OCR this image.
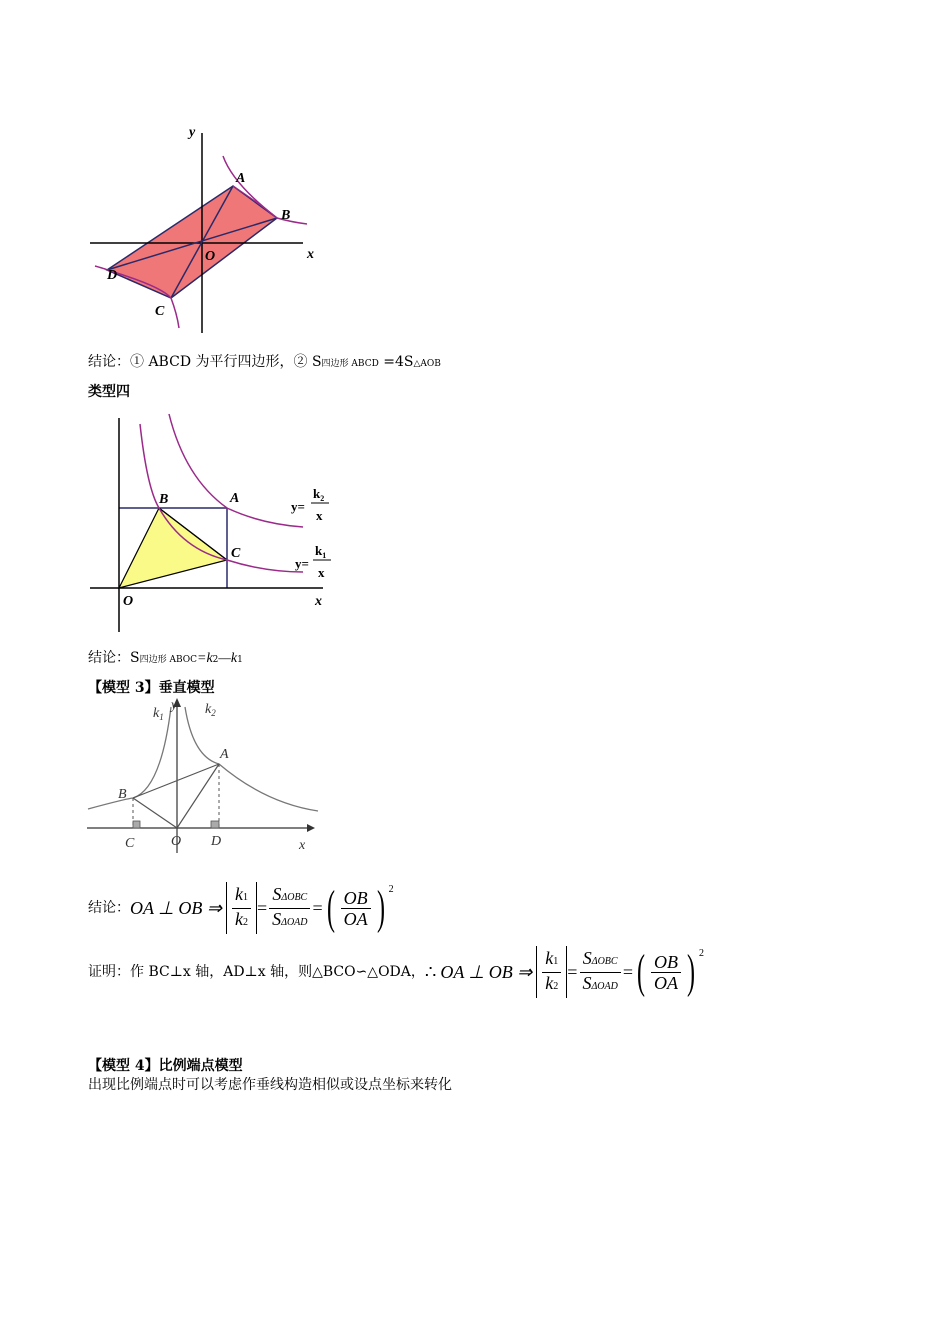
y
x
O
A
B
C
D
结论：① ABCD 为平行四边形，② S四边形 ABCD =4S△AOB
类型四
O	x
B	A
C
y=
$k_2$
x
y=
$k_1$
x
结论：S四边形 ABOC=k2—k1
【模型 3】垂直模型
$k_1$
y $k_2$
A
B
C	O D	x
结论： OA ⊥ OB ⇒ $\frac{k1}{k2} = \frac{\text{SΔOBC}}{\text{SΔOAD}}$ = ( $\frac{OB}{OA}$ ) 2
证明：作 BC⊥x 轴，AD⊥x 轴，则△BCO∽△ODA， ∴ OA ⊥ OB ⇒ $\frac{k1}{k2} = \frac{\text{SΔOBC}}{\text{SΔOAD}}$ = ( $\frac{OB}{OA}$ ) 2
【模型 4】比例端点模型
出现比例端点时可以考虑作垂线构造相似或设点坐标来转化
